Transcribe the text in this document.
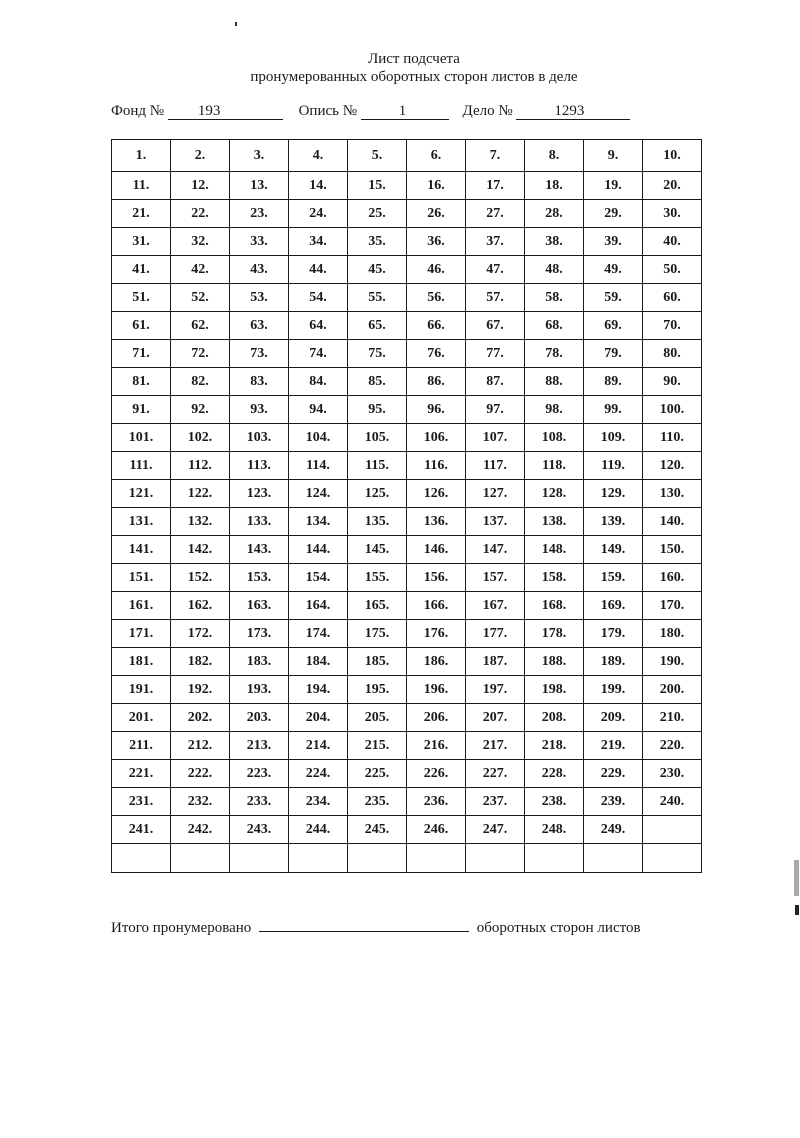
Лист подсчета
пронумерованных оборотных сторон листов в деле
Фонд № 193	Опись №	1	Дело №	1293
1.	2.	3.	4.	5.	6.	7.	8.	9.	10.
11.	12.	13.	14.	15.	16.	17.	18.	19.	20.
21.	22.	23.	24.	25.	26.	27.	28.	29.	30.
31.	32.	33.	34.	35.	36.	37.	38.	39.	40.
41.	42.	43.	44.	45.	46.	47.	48.	49.	50.
51.	52.	53.	54.	55.	56.	57.	58.	59.	60.
61.	62.	63.	64.	65.	66.	67.	68.	69.	70.
71.	72.	73.	74.	75.	76.	77.	78.	79.	80.
81.	82.	83.	84.	85.	86.	87.	88.	89.	90.
91.	92.	93.	94.	95.	96.	97.	98.	99.	100.
101.	102.	103.	104.	105.	106.	107.	108.	109.	110.
111.	112.	113.	114.	115.	116.	117.	118.	119.	120.
121.	122.	123.	124.	125.	126.	127.	128.	129.	130.
131.	132.	133.	134.	135.	136.	137.	138.	139.	140.
141.	142.	143.	144.	145.	146.	147.	148.	149.	150.
151.	152.	153.	154.	155.	156.	157.	158.	159.	160.
161.	162.	163.	164.	165.	166.	167.	168.	169.	170.
171.	172.	173.	174.	175.	176.	177.	178.	179.	180.
181.	182.	183.	184.	185.	186.	187.	188.	189.	190.
191.	192.	193.	194.	195.	196.	197.	198.	199.	200.
201.	202.	203.	204.	205.	206.	207.	208.	209.	210.
211.	212.	213.	214.	215.	216.	217.	218.	219.	220.
221.	222.	223.	224.	225.	226.	227.	228.	229.	230.
231.	232.	233.	234.	235.	236.	237.	238.	239.	240.
241.	242.	243.	244.	245.	246.	247.	248.	249.	

Итого пронумеровано	оборотных сторон листов
